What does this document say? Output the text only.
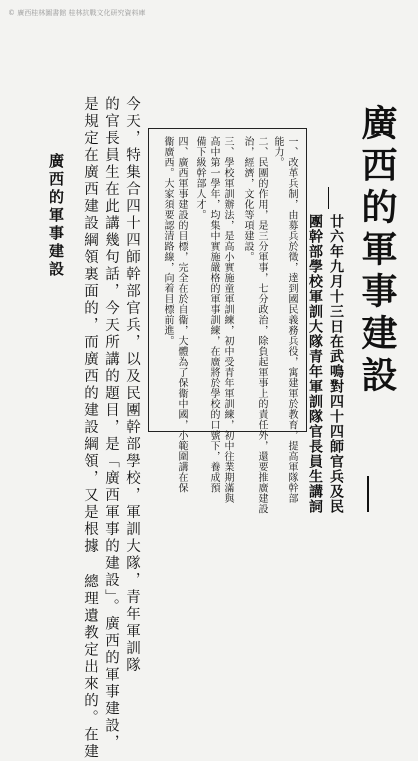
© 廣西桂林圖書館 桂林抗戰文化研究資料庫
廣西的軍事建設
廿六年九月十三日在武鳴對四十四師官兵及民
團幹部學校軍訓大隊青年軍訓隊官長員生講詞
一、改革兵制，由募兵於徵，達到國民義務兵役，寓建軍於教育，提高軍隊幹部
能力。
二、民團的作用，是三分軍事，七分政治，除負起軍事上的責任外，還要推廣建設
治，經濟，文化等項建設。
三、學校軍訓辦法，是高小實施童軍訓練，初中受青年軍訓練，初中往業期滿與
高中第一學年，均集中實施嚴格的軍事訓練，在廣將於學校的口號下，養成預
備下級幹部人才。
四、廣西軍事建設的目標，完全在於自衞，大體為了保衞中國，小範圍講在保
衞廣西。大家須要認清路線，向着目標前進。
今天，特集合四十四師幹部官兵，以及民團幹部學校，軍訓大隊，青年軍訓隊
的官長員生在此講幾句話，今天所講的題目，是「廣西軍事的建設」。廣西的軍事建設，
是規定在廣西建設綱領裏面的，而廣西的建設綱領，又是根據 總理遺教定出來的。在建
廣西的軍事建設
